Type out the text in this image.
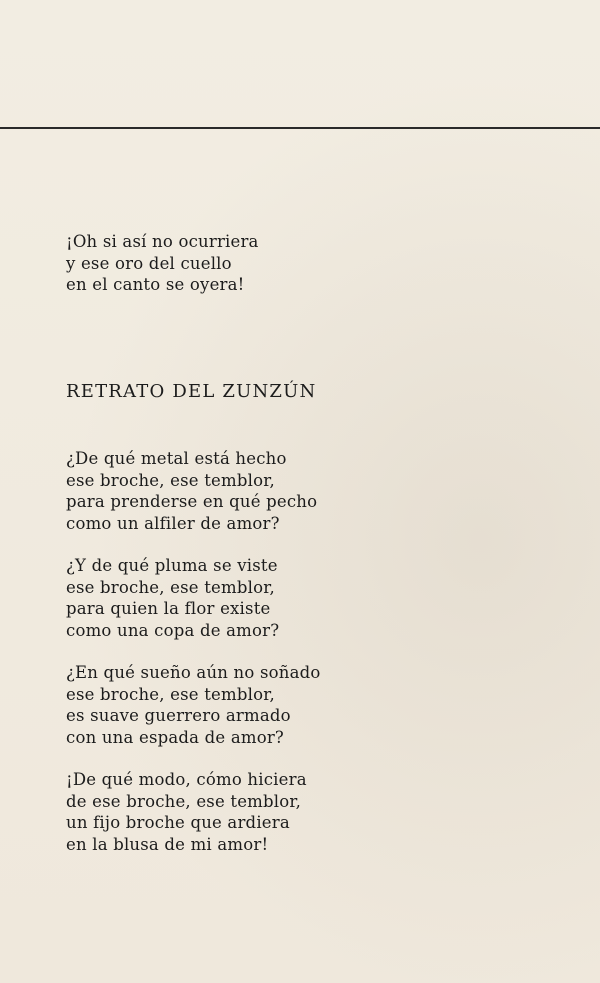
¡Oh si así no ocurriera
y ese oro del cuello
en el canto se oyera!
RETRATO DEL ZUNZÚN
¿De qué metal está hecho
ese broche, ese temblor,
para prenderse en qué pecho
como un alfiler de amor?
¿Y de qué pluma se viste
ese broche, ese temblor,
para quien la flor existe
como una copa de amor?
¿En qué sueño aún no soñado
ese broche, ese temblor,
es suave guerrero armado
con una espada de amor?
¡De qué modo, cómo hiciera
de ese broche, ese temblor,
un fijo broche que ardiera
en la blusa de mi amor!
